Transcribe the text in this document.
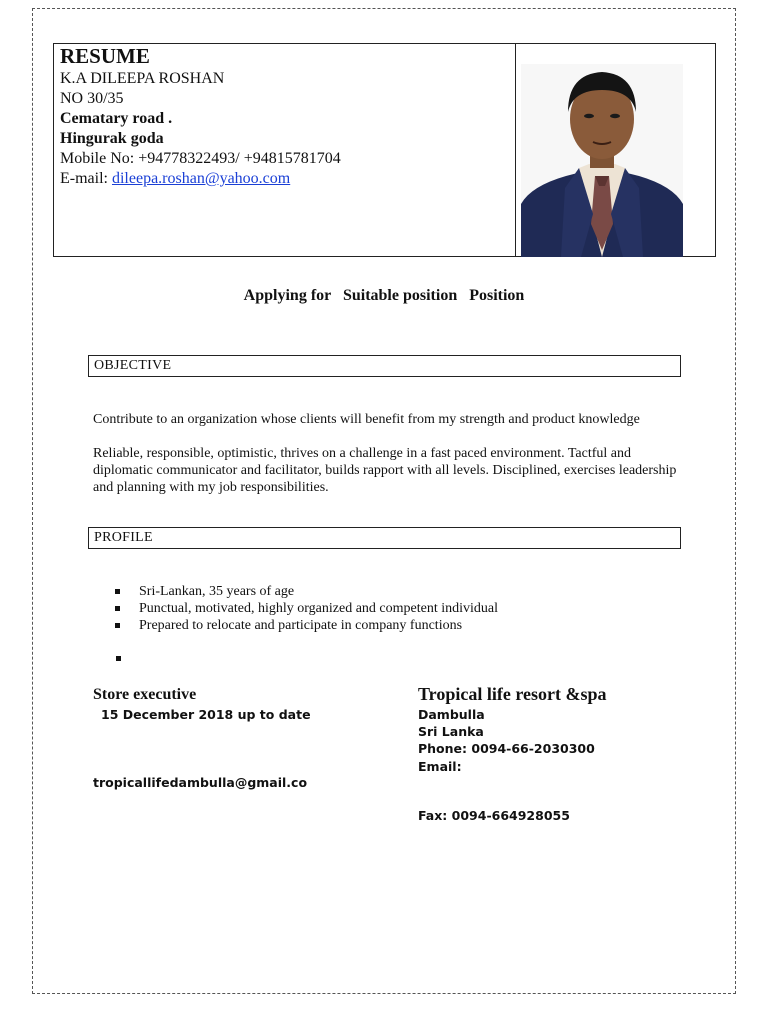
RESUME
K.A DILEEPA ROSHAN
NO 30/35
Cematary road .
Hingurak goda
Mobile No: +94778322493/ +94815781704
E-mail: dileepa.roshan@yahoo.com
Applying for   Suitable position   Position
OBJECTIVE
Contribute to an organization whose clients will benefit from my strength and product knowledge
Reliable, responsible, optimistic, thrives on a challenge in a fast paced environment. Tactful and diplomatic communicator and facilitator, builds rapport with all levels. Disciplined, exercises leadership and planning with my job responsibilities.
PROFILE
Sri-Lankan, 35 years of age
Punctual, motivated, highly organized and competent individual
Prepared to relocate and participate in company functions
Store executive
15 December 2018 up to date
Tropical life resort &spa
Dambulla
Sri Lanka
Phone: 0094-66-2030300
Email:
tropicallifedambulla@gmail.co
Fax: 0094-664928055
